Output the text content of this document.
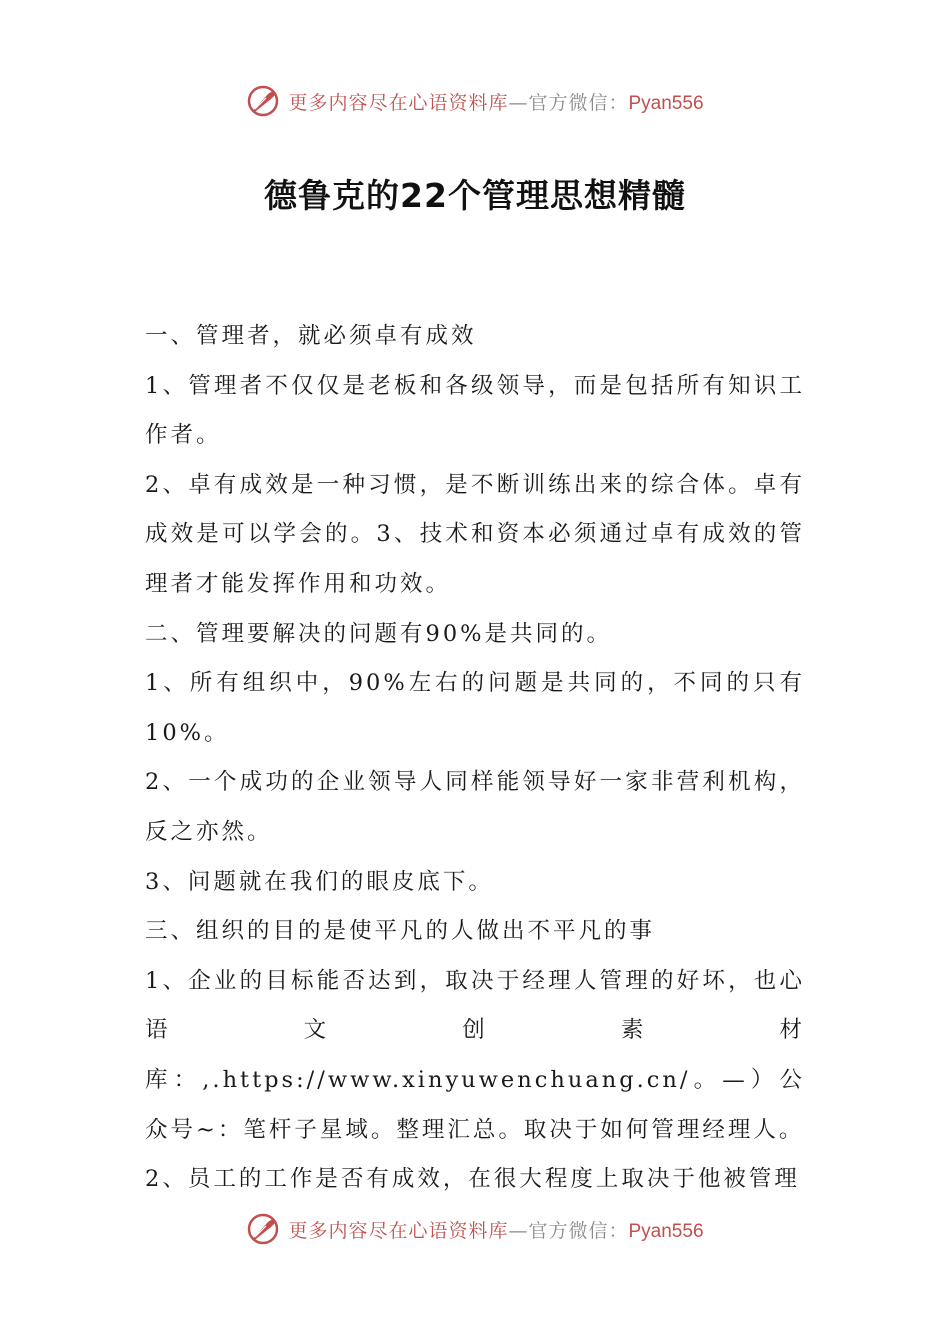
更多内容尽在心语资料库—官方微信：Pyan556
德鲁克的22个管理思想精髓

一、管理者，就必须卓有成效

1、管理者不仅仅是老板和各级领导，而是包括所有知识工作者。

2、卓有成效是一种习惯，是不断训练出来的综合体。卓有成效是可以学会的。3、技术和资本必须通过卓有成效的管理者才能发挥作用和功效。

二、管理要解决的问题有90%是共同的。

1、所有组织中，90%左右的问题是共同的，不同的只有10%。

2、一个成功的企业领导人同样能领导好一家非营利机构，反之亦然。

3、问题就在我们的眼皮底下。

三、组织的目的是使平凡的人做出不平凡的事

1、企业的目标能否达到，取决于经理人管理的好坏，也心语文创素材库：,.https://www.xinyuwenchuang.cn/。—）公众号~：笔杆子星域。整理汇总。取决于如何管理经理人。

2、员工的工作是否有成效，在很大程度上取决于他被管理

更多内容尽在心语资料库—官方微信：Pyan556
